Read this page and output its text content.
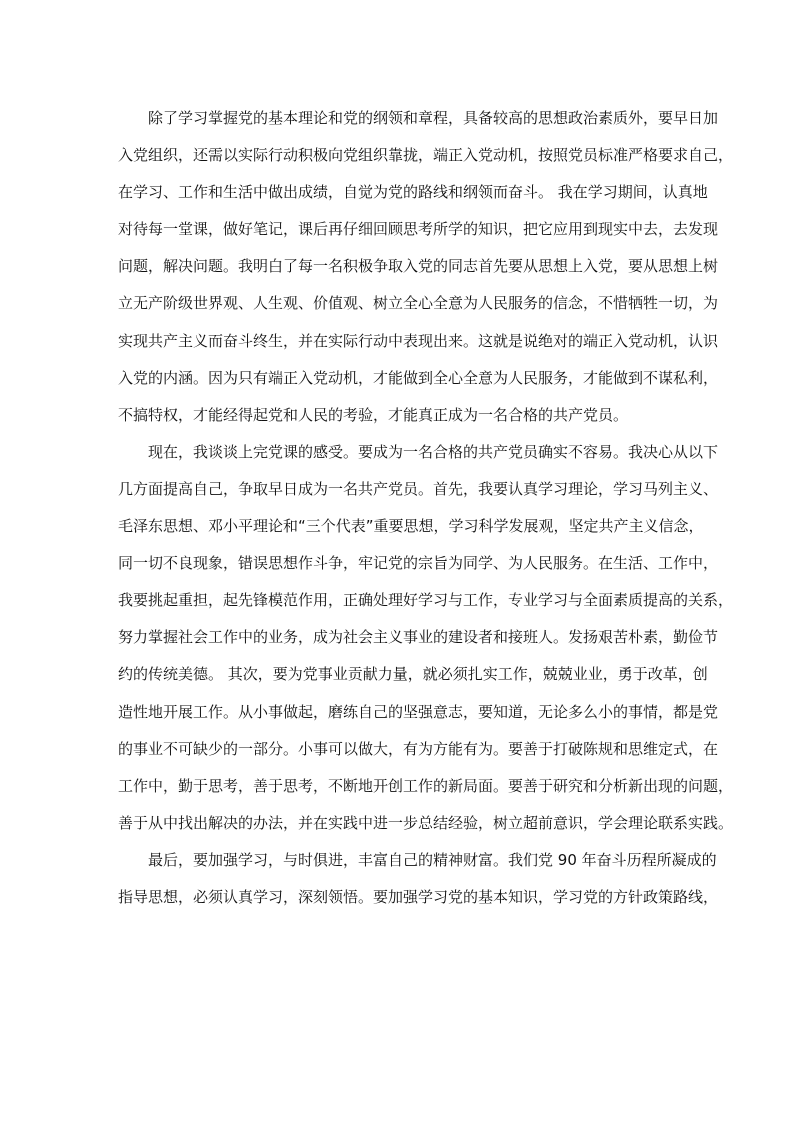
除了学习掌握党的基本理论和党的纲领和章程，具备较高的思想政治素质外，要早日加
入党组织，还需以实际行动积极向党组织靠拢，端正入党动机，按照党员标准严格要求自己，
在学习、工作和生活中做出成绩，自觉为党的路线和纲领而奋斗。 我在学习期间，认真地
对待每一堂课，做好笔记，课后再仔细回顾思考所学的知识，把它应用到现实中去，去发现
问题，解决问题。我明白了每一名积极争取入党的同志首先要从思想上入党，要从思想上树
立无产阶级世界观、人生观、价值观、树立全心全意为人民服务的信念，不惜牺牲一切，为
实现共产主义而奋斗终生，并在实际行动中表现出来。这就是说绝对的端正入党动机，认识
入党的内涵。因为只有端正入党动机，才能做到全心全意为人民服务，才能做到不谋私利，
不搞特权，才能经得起党和人民的考验，才能真正成为一名合格的共产党员。
现在，我谈谈上完党课的感受。要成为一名合格的共产党员确实不容易。我决心从以下
几方面提高自己，争取早日成为一名共产党员。首先，我要认真学习理论，学习马列主义、
毛泽东思想、邓小平理论和“三个代表”重要思想，学习科学发展观，坚定共产主义信念，
同一切不良现象，错误思想作斗争，牢记党的宗旨为同学、为人民服务。在生活、工作中，
我要挑起重担，起先锋模范作用，正确处理好学习与工作，专业学习与全面素质提高的关系，
努力掌握社会工作中的业务，成为社会主义事业的建设者和接班人。发扬艰苦朴素，勤俭节
约的传统美德。 其次，要为党事业贡献力量，就必须扎实工作，兢兢业业，勇于改革，创
造性地开展工作。从小事做起，磨练自己的坚强意志，要知道，无论多么小的事情，都是党
的事业不可缺少的一部分。小事可以做大，有为方能有为。要善于打破陈规和思维定式，在
工作中，勤于思考，善于思考，不断地开创工作的新局面。要善于研究和分析新出现的问题，
善于从中找出解决的办法，并在实践中进一步总结经验，树立超前意识，学会理论联系实践。
最后，要加强学习，与时俱进，丰富自己的精神财富。我们党 90 年奋斗历程所凝成的
指导思想，必须认真学习，深刻领悟。要加强学习党的基本知识，学习党的方针政策路线，
